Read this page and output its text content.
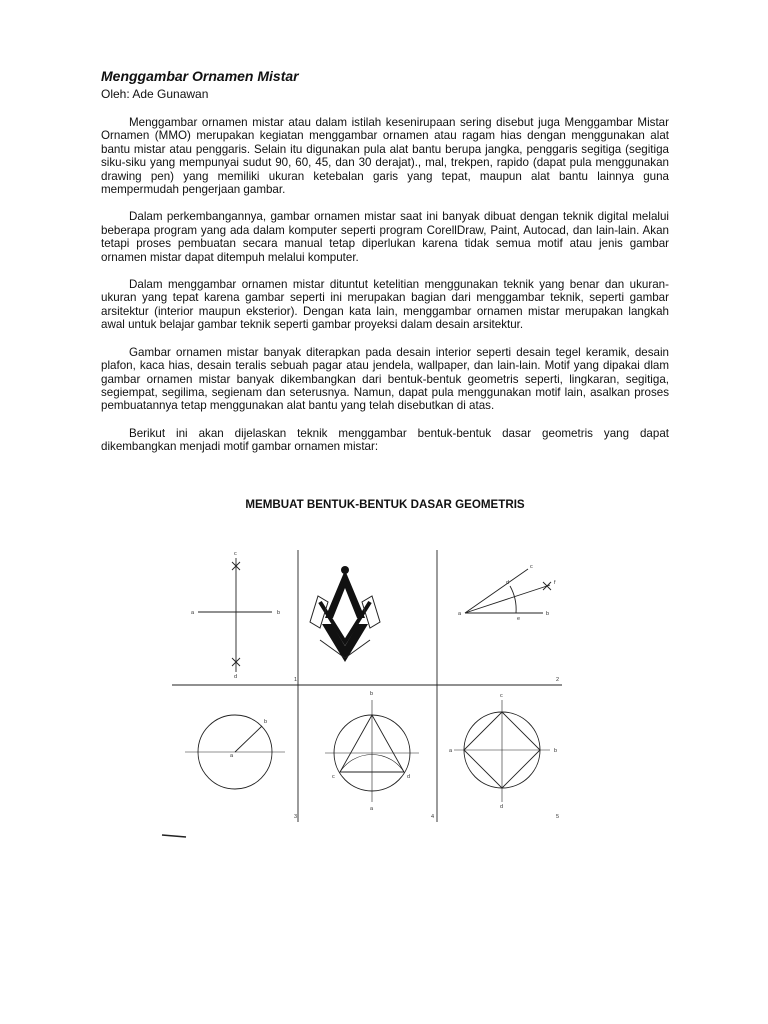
Menggambar Ornamen Mistar

Oleh: Ade Gunawan

Menggambar ornamen mistar atau dalam istilah kesenirupaan sering disebut juga Menggambar Mistar Ornamen (MMO) merupakan kegiatan menggambar ornamen atau ragam hias dengan menggunakan alat bantu mistar atau penggaris. Selain itu digunakan pula alat bantu berupa jangka, penggaris segitiga (segitiga siku-siku yang mempunyai sudut 90, 60, 45, dan 30 derajat)., mal, trekpen, rapido (dapat pula menggunakan drawing pen) yang memiliki ukuran ketebalan garis yang tepat, maupun alat bantu lainnya guna mempermudah pengerjaan gambar.

Dalam perkembangannya, gambar ornamen mistar saat ini banyak dibuat dengan teknik digital melalui beberapa program yang ada dalam komputer seperti program CorellDraw, Paint, Autocad, dan lain-lain. Akan tetapi proses pembuatan secara manual tetap diperlukan karena tidak semua motif atau jenis gambar ornamen mistar dapat ditempuh melalui komputer.

Dalam menggambar ornamen mistar dituntut ketelitian menggunakan teknik yang benar dan ukuran-ukuran yang tepat karena gambar seperti ini merupakan bagian dari menggambar teknik, seperti gambar arsitektur (interior maupun eksterior). Dengan kata lain, menggambar ornamen mistar merupakan langkah awal untuk belajar gambar teknik seperti gambar proyeksi dalam desain arsitektur.

Gambar ornamen mistar banyak diterapkan pada desain interior seperti desain tegel keramik, desain plafon, kaca hias, desain teralis sebuah pagar atau jendela, wallpaper, dan lain-lain. Motif yang dipakai dlam gambar ornamen mistar banyak dikembangkan dari bentuk-bentuk geometris seperti, lingkaran, segitiga, segiempat, segilima, segienam dan seterusnya. Namun, dapat pula menggunakan motif lain, asalkan proses pembuatannya tetap menggunakan alat bantu yang telah disebutkan di atas.

Berikut ini akan dijelaskan teknik menggambar bentuk-bentuk dasar geometris yang dapat dikembangkan menjadi motif gambar ornamen mistar:

MEMBUAT BENTUK-BENTUK DASAR GEOMETRIS
1	2
3	4	5
a	b
c
d
a	b
c
d
e
f
a
b
a
b
c	d
a	b
c
d
